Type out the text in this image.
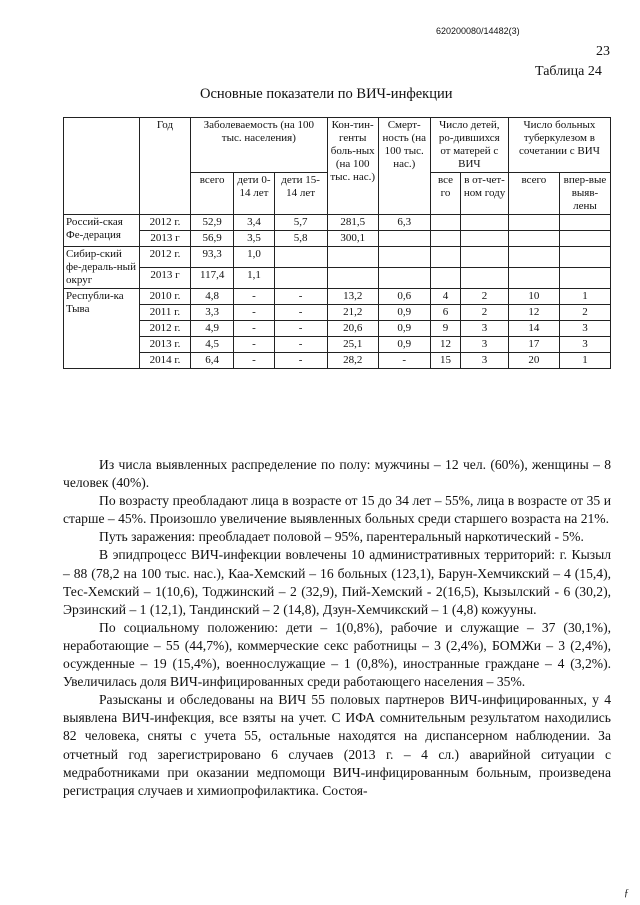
620200080/14482(3)
23
Таблица 24
Основные показатели по ВИЧ-инфекции
	Год	Заболеваемость (на 100 тыс. населения)			Кон-тин-генты боль-ных (на 100 тыс. нас.)	Смерт-ность (на 100 тыс. нас.)	Число детей, ро-дившихся от матерей с ВИЧ		Число больных туберкулезом в сочетании с ВИЧ	
		всего	дети 0-14 лет	дети 15-14 лет			все го	в от-чет-ном году	всего	впер-вые выяв-лены
Россий-ская Фе-дерация	2012 г.	52,9	3,4	5,7	281,5	6,3				
	2013 г	56,9	3,5	5,8	300,1					
Сибир-ский фе-дераль-ный округ	2012 г.	93,3	1,0							
	2013 г	117,4	1,1							
Республи-ка Тыва	2010 г.	4,8	-	-	13,2	0,6	4	2	10	1
	2011 г.	3,3	-	-	21,2	0,9	6	2	12	2
	2012 г.	4,9	-	-	20,6	0,9	9	3	14	3
	2013 г.	4,5	-	-	25,1	0,9	12	3	17	3
	2014 г.	6,4	-	-	28,2	-	15	3	20	1

Из числа выявленных распределение по полу: мужчины – 12 чел. (60%), женщины – 8 человек (40%).

По возрасту преобладают лица в возрасте от 15 до 34 лет – 55%, лица в возрасте от 35 и старше – 45%. Произошло увеличение выявленных больных среди старшего возраста на 21%.

Путь заражения: преобладает половой – 95%, парентеральный наркотический - 5%.

В эпидпроцесс ВИЧ-инфекции вовлечены 10 административных территорий: г. Кызыл – 88 (78,2 на 100 тыс. нас.), Каа-Хемский – 16 больных (123,1), Барун-Хемчикский – 4 (15,4), Тес-Хемский – 1(10,6), Тоджинский – 2 (32,9), Пий-Хемский - 2(16,5), Кызылский - 6 (30,2), Эрзинский – 1 (12,1), Тандинский – 2 (14,8), Дзун-Хемчикский – 1 (4,8) кожууны.

По социальному положению: дети – 1(0,8%), рабочие и служащие – 37 (30,1%), неработающие – 55 (44,7%), коммерческие секс работницы – 3 (2,4%), БОМЖи – 3 (2,4%), осужденные – 19 (15,4%), военнослужащие – 1 (0,8%), иностранные граждане – 4 (3,2%). Увеличилась доля ВИЧ-инфицированных среди работающего населения – 35%.

Разысканы и обследованы на ВИЧ 55 половых партнеров ВИЧ-инфицированных, у 4 выявлена ВИЧ-инфекция, все взяты на учет. С ИФА сомнительным результатом находились 82 человека, сняты с учета 55, остальные находятся на диспансерном наблюдении. За отчетный год зарегистрировано 6 случаев (2013 г. – 4 сл.) аварийной ситуации с медработниками при оказании медпомощи ВИЧ-инфицированным больным, произведена регистрация случаев и химиопрофилактика. Состоя-

ƒ
